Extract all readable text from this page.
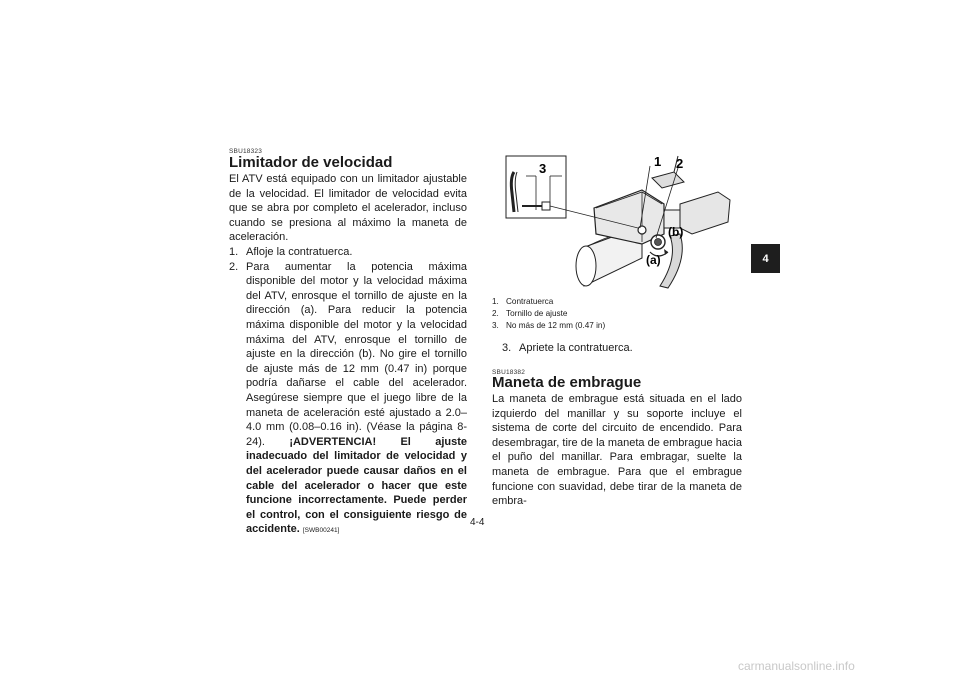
SBU18323
Limitador de velocidad
El ATV está equipado con un limitador ajustable de la velocidad. El limitador de velocidad evita que se abra por completo el acelerador, incluso cuando se presiona al máximo la maneta de aceleración.
1. Afloje la contratuerca.
2. Para aumentar la potencia máxima disponible del motor y la velocidad máxima del ATV, enrosque el tornillo de ajuste en la dirección (a). Para reducir la potencia máxima disponible del motor y la velocidad máxima del ATV, enrosque el tornillo de ajuste en la dirección (b). No gire el tornillo de ajuste más de 12 mm (0.47 in) porque podría dañarse el cable del acelerador. Asegúrese siempre que el juego libre de la maneta de aceleración esté ajustado a 2.0–4.0 mm (0.08–0.16 in). (Véase la página 8-24). ¡ADVERTENCIA! El ajuste inadecuado del limitador de velocidad y del acelerador puede causar daños en el cable del acelerador o hacer que este funcione incorrectamente. Puede perder el control, con el consiguiente riesgo de accidente. [SWB00241]
3	1 2
(b)
(a)
1. Contratuerca
2. Tornillo de ajuste
3. No más de 12 mm (0.47 in)
3. Apriete la contratuerca.
SBU18382
Maneta de embrague
La maneta de embrague está situada en el lado izquierdo del manillar y su soporte incluye el sistema de corte del circuito de encendido. Para desembragar, tire de la maneta de embrague hacia el puño del manillar. Para embragar, suelte la maneta de embrague. Para que el embrague funcione con suavidad, debe tirar de la maneta de embra-
4
4-4
carmanualsonline.info
